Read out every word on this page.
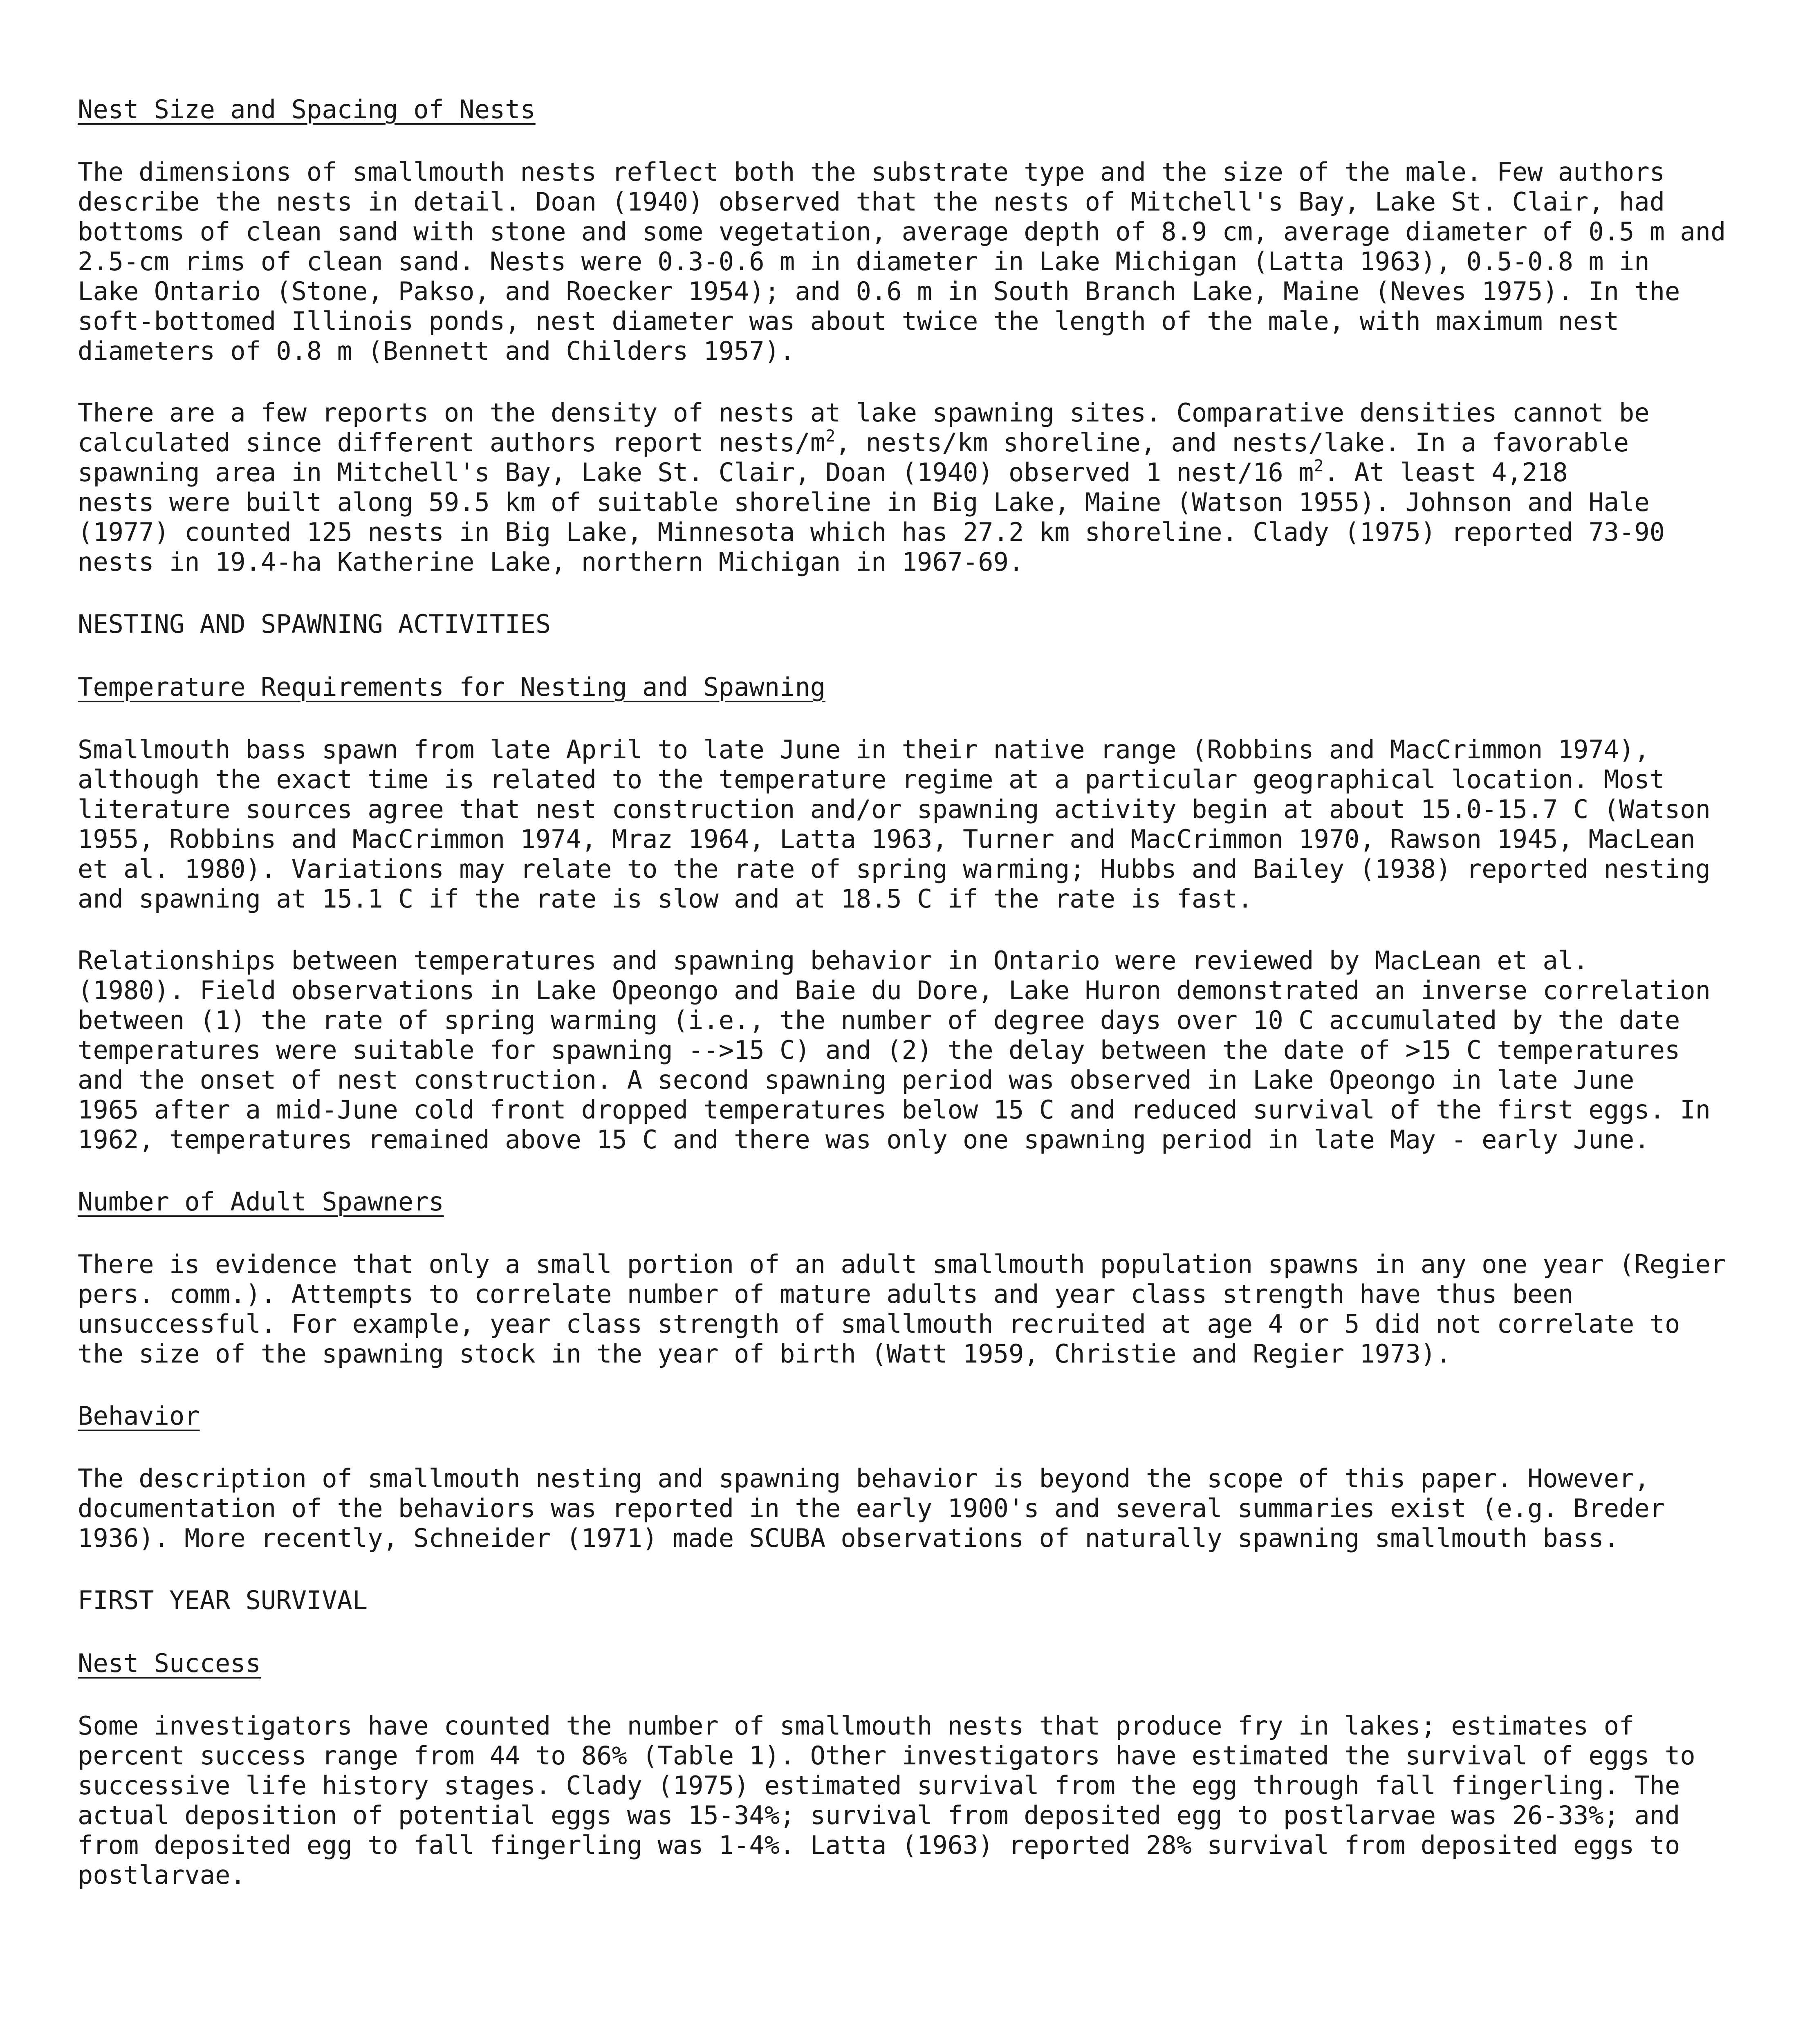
Nest Size and Spacing of Nests
The dimensions of smallmouth nests reflect both the substrate type and the size of the male. Few authors
describe the nests in detail. Doan (1940) observed that the nests of Mitchell's Bay, Lake St. Clair, had
bottoms of clean sand with stone and some vegetation, average depth of 8.9 cm, average diameter of 0.5 m and
2.5-cm rims of clean sand. Nests were 0.3-0.6 m in diameter in Lake Michigan (Latta 1963), 0.5-0.8 m in
Lake Ontario (Stone, Pakso, and Roecker 1954); and 0.6 m in South Branch Lake, Maine (Neves 1975). In the
soft-bottomed Illinois ponds, nest diameter was about twice the length of the male, with maximum nest
diameters of 0.8 m (Bennett and Childers 1957).
There are a few reports on the density of nests at lake spawning sites. Comparative densities cannot be
calculated since different authors report nests/$m^2$, nests/km shoreline, and nests/lake. In a favorable
spawning area in Mitchell's Bay, Lake St. Clair, Doan (1940) observed 1 nest/16 $m^2$. At least 4,218
nests were built along 59.5 km of suitable shoreline in Big Lake, Maine (Watson 1955). Johnson and Hale
(1977) counted 125 nests in Big Lake, Minnesota which has 27.2 km shoreline. Clady (1975) reported 73-90
nests in 19.4-ha Katherine Lake, northern Michigan in 1967-69.
NESTING AND SPAWNING ACTIVITIES
Temperature Requirements for Nesting and Spawning
Smallmouth bass spawn from late April to late June in their native range (Robbins and MacCrimmon 1974),
although the exact time is related to the temperature regime at a particular geographical location. Most
literature sources agree that nest construction and/or spawning activity begin at about 15.0-15.7 C (Watson
1955, Robbins and MacCrimmon 1974, Mraz 1964, Latta 1963, Turner and MacCrimmon 1970, Rawson 1945, MacLean
et al. 1980). Variations may relate to the rate of spring warming; Hubbs and Bailey (1938) reported nesting
and spawning at 15.1 C if the rate is slow and at 18.5 C if the rate is fast.
Relationships between temperatures and spawning behavior in Ontario were reviewed by MacLean et al.
(1980). Field observations in Lake Opeongo and Baie du Dore, Lake Huron demonstrated an inverse correlation
between (1) the rate of spring warming (i.e., the number of degree days over 10 C accumulated by the date
temperatures were suitable for spawning -->15 C) and (2) the delay between the date of >15 C temperatures
and the onset of nest construction. A second spawning period was observed in Lake Opeongo in late June
1965 after a mid-June cold front dropped temperatures below 15 C and reduced survival of the first eggs. In
1962, temperatures remained above 15 C and there was only one spawning period in late May - early June.
Number of Adult Spawners
There is evidence that only a small portion of an adult smallmouth population spawns in any one year (Regier
pers. comm.). Attempts to correlate number of mature adults and year class strength have thus been
unsuccessful. For example, year class strength of smallmouth recruited at age 4 or 5 did not correlate to
the size of the spawning stock in the year of birth (Watt 1959, Christie and Regier 1973).
Behavior
The description of smallmouth nesting and spawning behavior is beyond the scope of this paper. However,
documentation of the behaviors was reported in the early 1900's and several summaries exist (e.g. Breder
1936). More recently, Schneider (1971) made SCUBA observations of naturally spawning smallmouth bass.
FIRST YEAR SURVIVAL
Nest Success
Some investigators have counted the number of smallmouth nests that produce fry in lakes; estimates of
percent success range from 44 to 86% (Table 1). Other investigators have estimated the survival of eggs to
successive life history stages. Clady (1975) estimated survival from the egg through fall fingerling. The
actual deposition of potential eggs was 15-34%; survival from deposited egg to postlarvae was 26-33%; and
from deposited egg to fall fingerling was 1-4%. Latta (1963) reported 28% survival from deposited eggs to
postlarvae.
